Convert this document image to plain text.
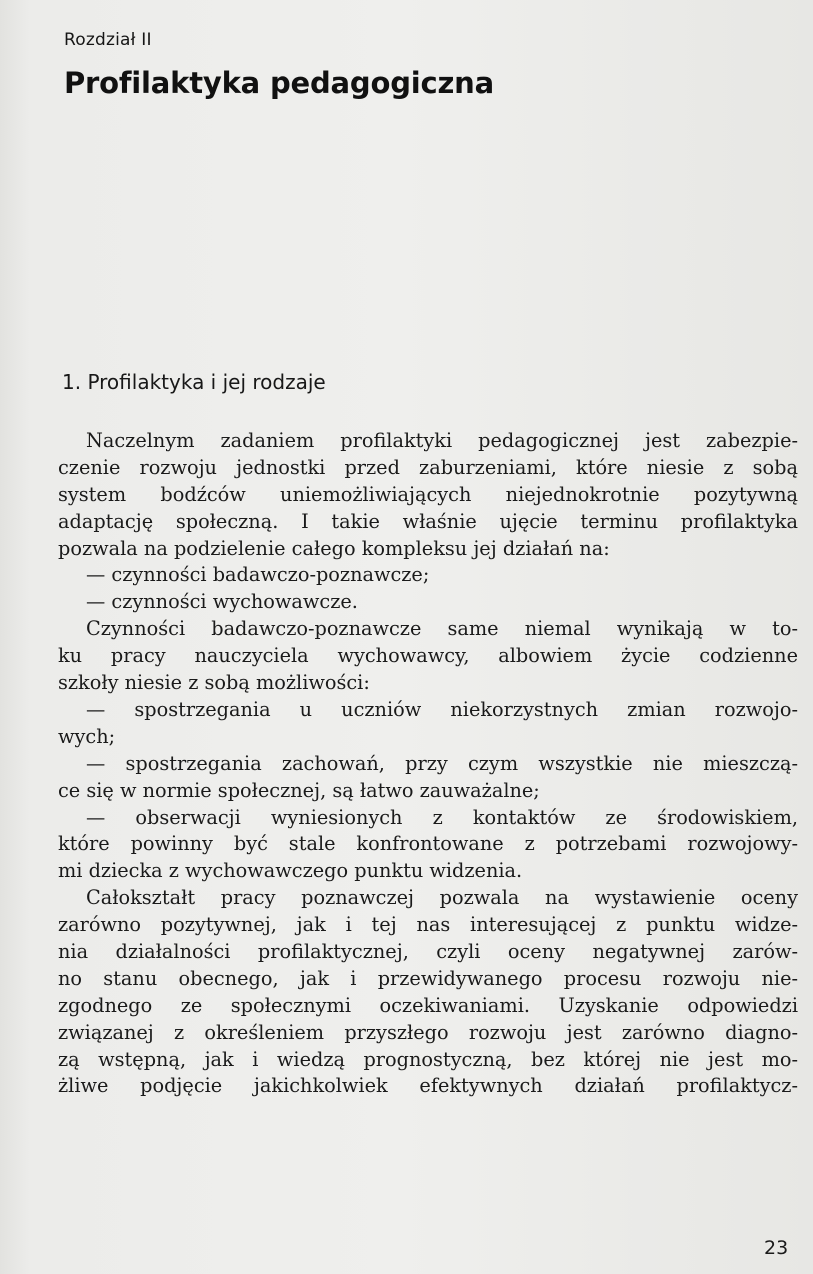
Rozdział II
Profilaktyka pedagogiczna
1. Profilaktyka i jej rodzaje
Naczelnym zadaniem profilaktyki pedagogicznej jest zabezpie-
czenie rozwoju jednostki przed zaburzeniami, które niesie z sobą
system bodźców uniemożliwiających niejednokrotnie pozytywną
adaptację społeczną. I takie właśnie ujęcie terminu profilaktyka
pozwala na podzielenie całego kompleksu jej działań na:
— czynności badawczo-poznawcze;
— czynności wychowawcze.
Czynności badawczo-poznawcze same niemal wynikają w to-
ku pracy nauczyciela wychowawcy, albowiem życie codzienne
szkoły niesie z sobą możliwości:
— spostrzegania u uczniów niekorzystnych zmian rozwojo-
wych;
— spostrzegania zachowań, przy czym wszystkie nie mieszczą-
ce się w normie społecznej, są łatwo zauważalne;
— obserwacji wyniesionych z kontaktów ze środowiskiem,
które powinny być stale konfrontowane z potrzebami rozwojowy-
mi dziecka z wychowawczego punktu widzenia.
Całokształt pracy poznawczej pozwala na wystawienie oceny
zarówno pozytywnej, jak i tej nas interesującej z punktu widze-
nia działalności profilaktycznej, czyli oceny negatywnej zarów-
no stanu obecnego, jak i przewidywanego procesu rozwoju nie-
zgodnego ze społecznymi oczekiwaniami. Uzyskanie odpowiedzi
związanej z określeniem przyszłego rozwoju jest zarówno diagno-
zą wstępną, jak i wiedzą prognostyczną, bez której nie jest mo-
żliwe podjęcie jakichkolwiek efektywnych działań profilaktycz-
23
